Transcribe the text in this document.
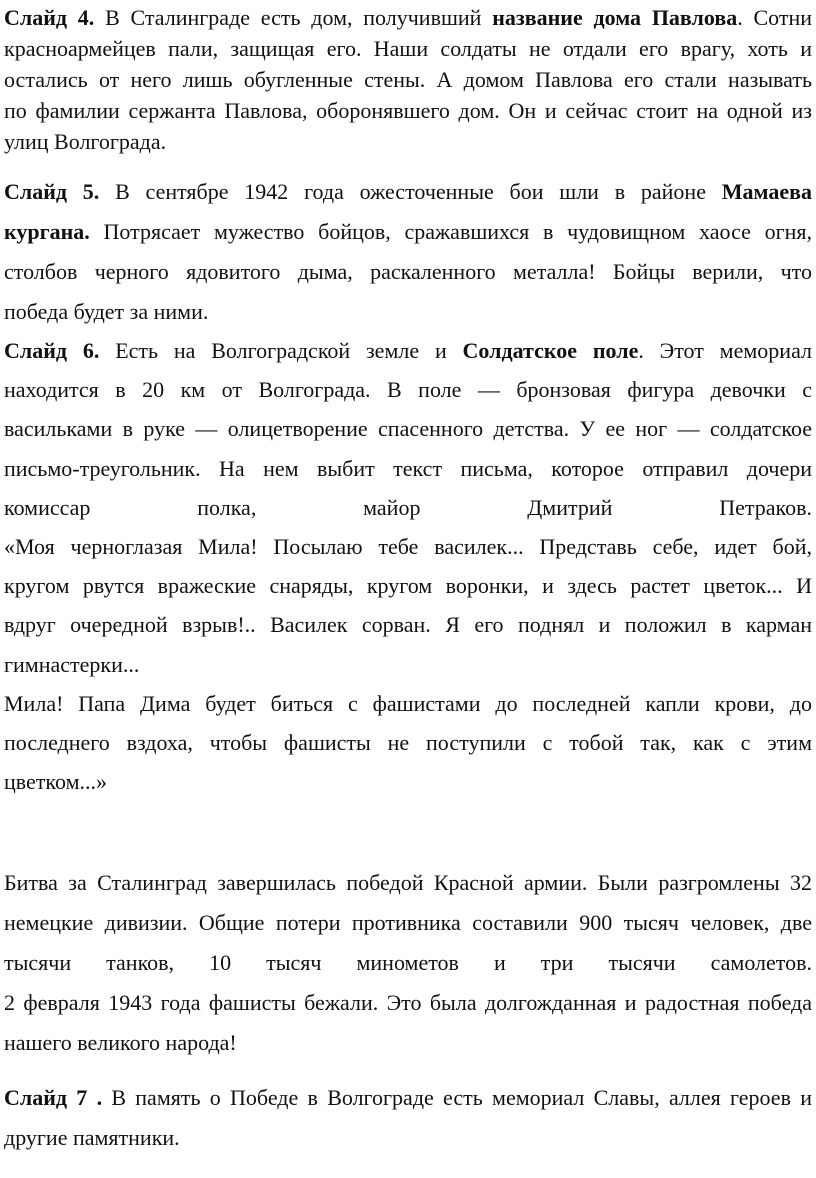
Слайд 4. В Сталинграде есть дом, получивший название дома Павлова. Сотни
красноармейцев пали, защищая его. Наши солдаты не отдали его врагу, хоть и
остались от него лишь обугленные стены. А домом Павлова его стали называть
по фамилии сержанта Павлова, оборонявшего дом. Он и сейчас стоит на одной из
улиц Волгограда.
Слайд 5. В сентябре 1942 года ожесточенные бои шли в районе Мамаева
кургана. Потрясает мужество бойцов, сражавшихся в чудовищном хаосе огня,
столбов черного ядовитого дыма, раскаленного металла! Бойцы верили, что
победа будет за ними.
Слайд 6. Есть на Волгоградской земле и Солдатское поле. Этот мемориал
находится в 20 км от Волгограда. В поле — бронзовая фигура девочки с
васильками в руке — олицетворение спасенного детства. У ее ног — солдатское
письмо-треугольник. На нем выбит текст письма, которое отправил дочери
комиссар полка, майор Дмитрий Петраков.
«Моя черноглазая Мила! Посылаю тебе василек... Представь себе, идет бой,
кругом рвутся вражеские снаряды, кругом воронки, и здесь растет цветок... И
вдруг очередной взрыв!.. Василек сорван. Я его поднял и положил в карман
гимнастерки...
Мила! Папа Дима будет биться с фашистами до последней капли крови, до
последнего вздоха, чтобы фашисты не поступили с тобой так, как с этим
цветком...»
Битва за Сталинград завершилась победой Красной армии. Были разгромлены 32
немецкие дивизии. Общие потери противника составили 900 тысяч человек, две
тысячи танков, 10 тысяч минометов и три тысячи самолетов.
2 февраля 1943 года фашисты бежали. Это была долгожданная и радостная победа
нашего великого народа!
Слайд 7 . В память о Победе в Волгограде есть мемориал Славы, аллея героев и
другие памятники.
